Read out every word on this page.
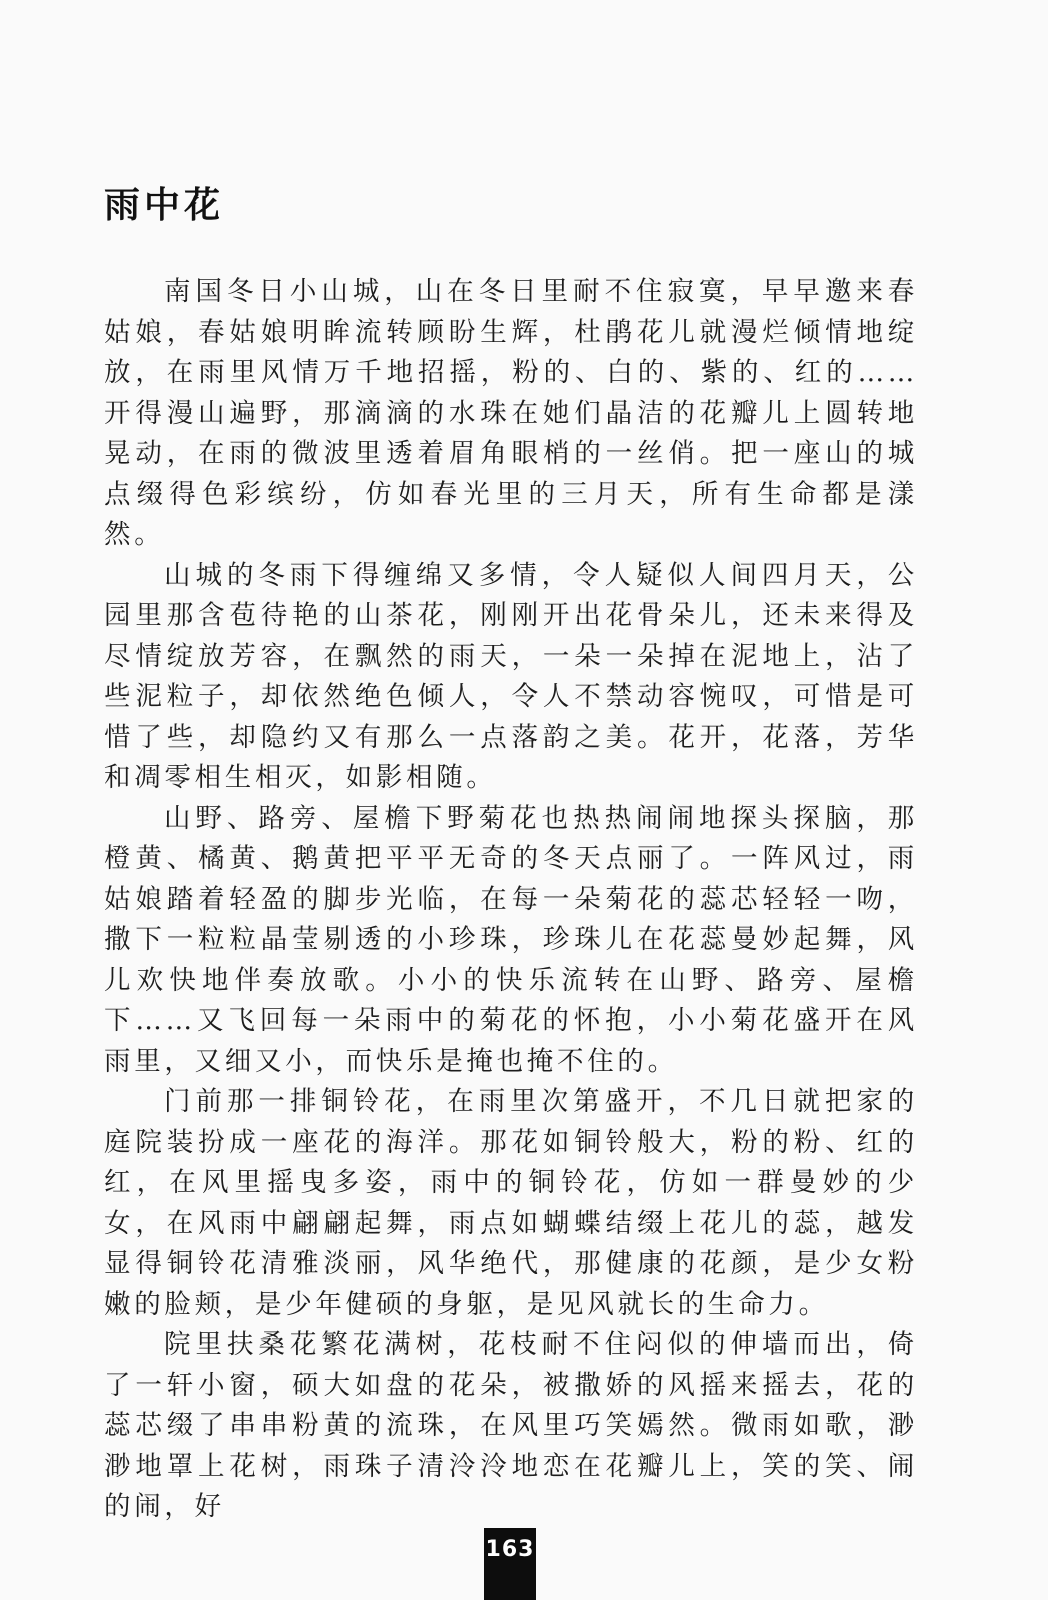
雨中花

南国冬日小山城，山在冬日里耐不住寂寞，早早邀来春姑娘，春姑娘明眸流转顾盼生辉，杜鹃花儿就漫烂倾情地绽放，在雨里风情万千地招摇，粉的、白的、紫的、红的……开得漫山遍野，那滴滴的水珠在她们晶洁的花瓣儿上圆转地晃动，在雨的微波里透着眉角眼梢的一丝俏。把一座山的城点缀得色彩缤纷，仿如春光里的三月天，所有生命都是漾然。

山城的冬雨下得缠绵又多情，令人疑似人间四月天，公园里那含苞待艳的山茶花，刚刚开出花骨朵儿，还未来得及尽情绽放芳容，在飘然的雨天，一朵一朵掉在泥地上，沾了些泥粒子，却依然绝色倾人，令人不禁动容惋叹，可惜是可惜了些，却隐约又有那么一点落韵之美。花开，花落，芳华和凋零相生相灭，如影相随。

山野、路旁、屋檐下野菊花也热热闹闹地探头探脑，那橙黄、橘黄、鹅黄把平平无奇的冬天点丽了。一阵风过，雨姑娘踏着轻盈的脚步光临，在每一朵菊花的蕊芯轻轻一吻，撒下一粒粒晶莹剔透的小珍珠，珍珠儿在花蕊曼妙起舞，风儿欢快地伴奏放歌。小小的快乐流转在山野、路旁、屋檐下……又飞回每一朵雨中的菊花的怀抱，小小菊花盛开在风雨里，又细又小，而快乐是掩也掩不住的。

门前那一排铜铃花，在雨里次第盛开，不几日就把家的庭院装扮成一座花的海洋。那花如铜铃般大，粉的粉、红的红，在风里摇曳多姿，雨中的铜铃花，仿如一群曼妙的少女，在风雨中翩翩起舞，雨点如蝴蝶结缀上花儿的蕊，越发显得铜铃花清雅淡丽，风华绝代，那健康的花颜，是少女粉嫩的脸颊，是少年健硕的身躯，是见风就长的生命力。

院里扶桑花繁花满树，花枝耐不住闷似的伸墙而出，倚了一轩小窗，硕大如盘的花朵，被撒娇的风摇来摇去，花的蕊芯缀了串串粉黄的流珠，在风里巧笑嫣然。微雨如歌，渺渺地罩上花树，雨珠子清泠泠地恋在花瓣儿上，笑的笑、闹的闹，好

163
